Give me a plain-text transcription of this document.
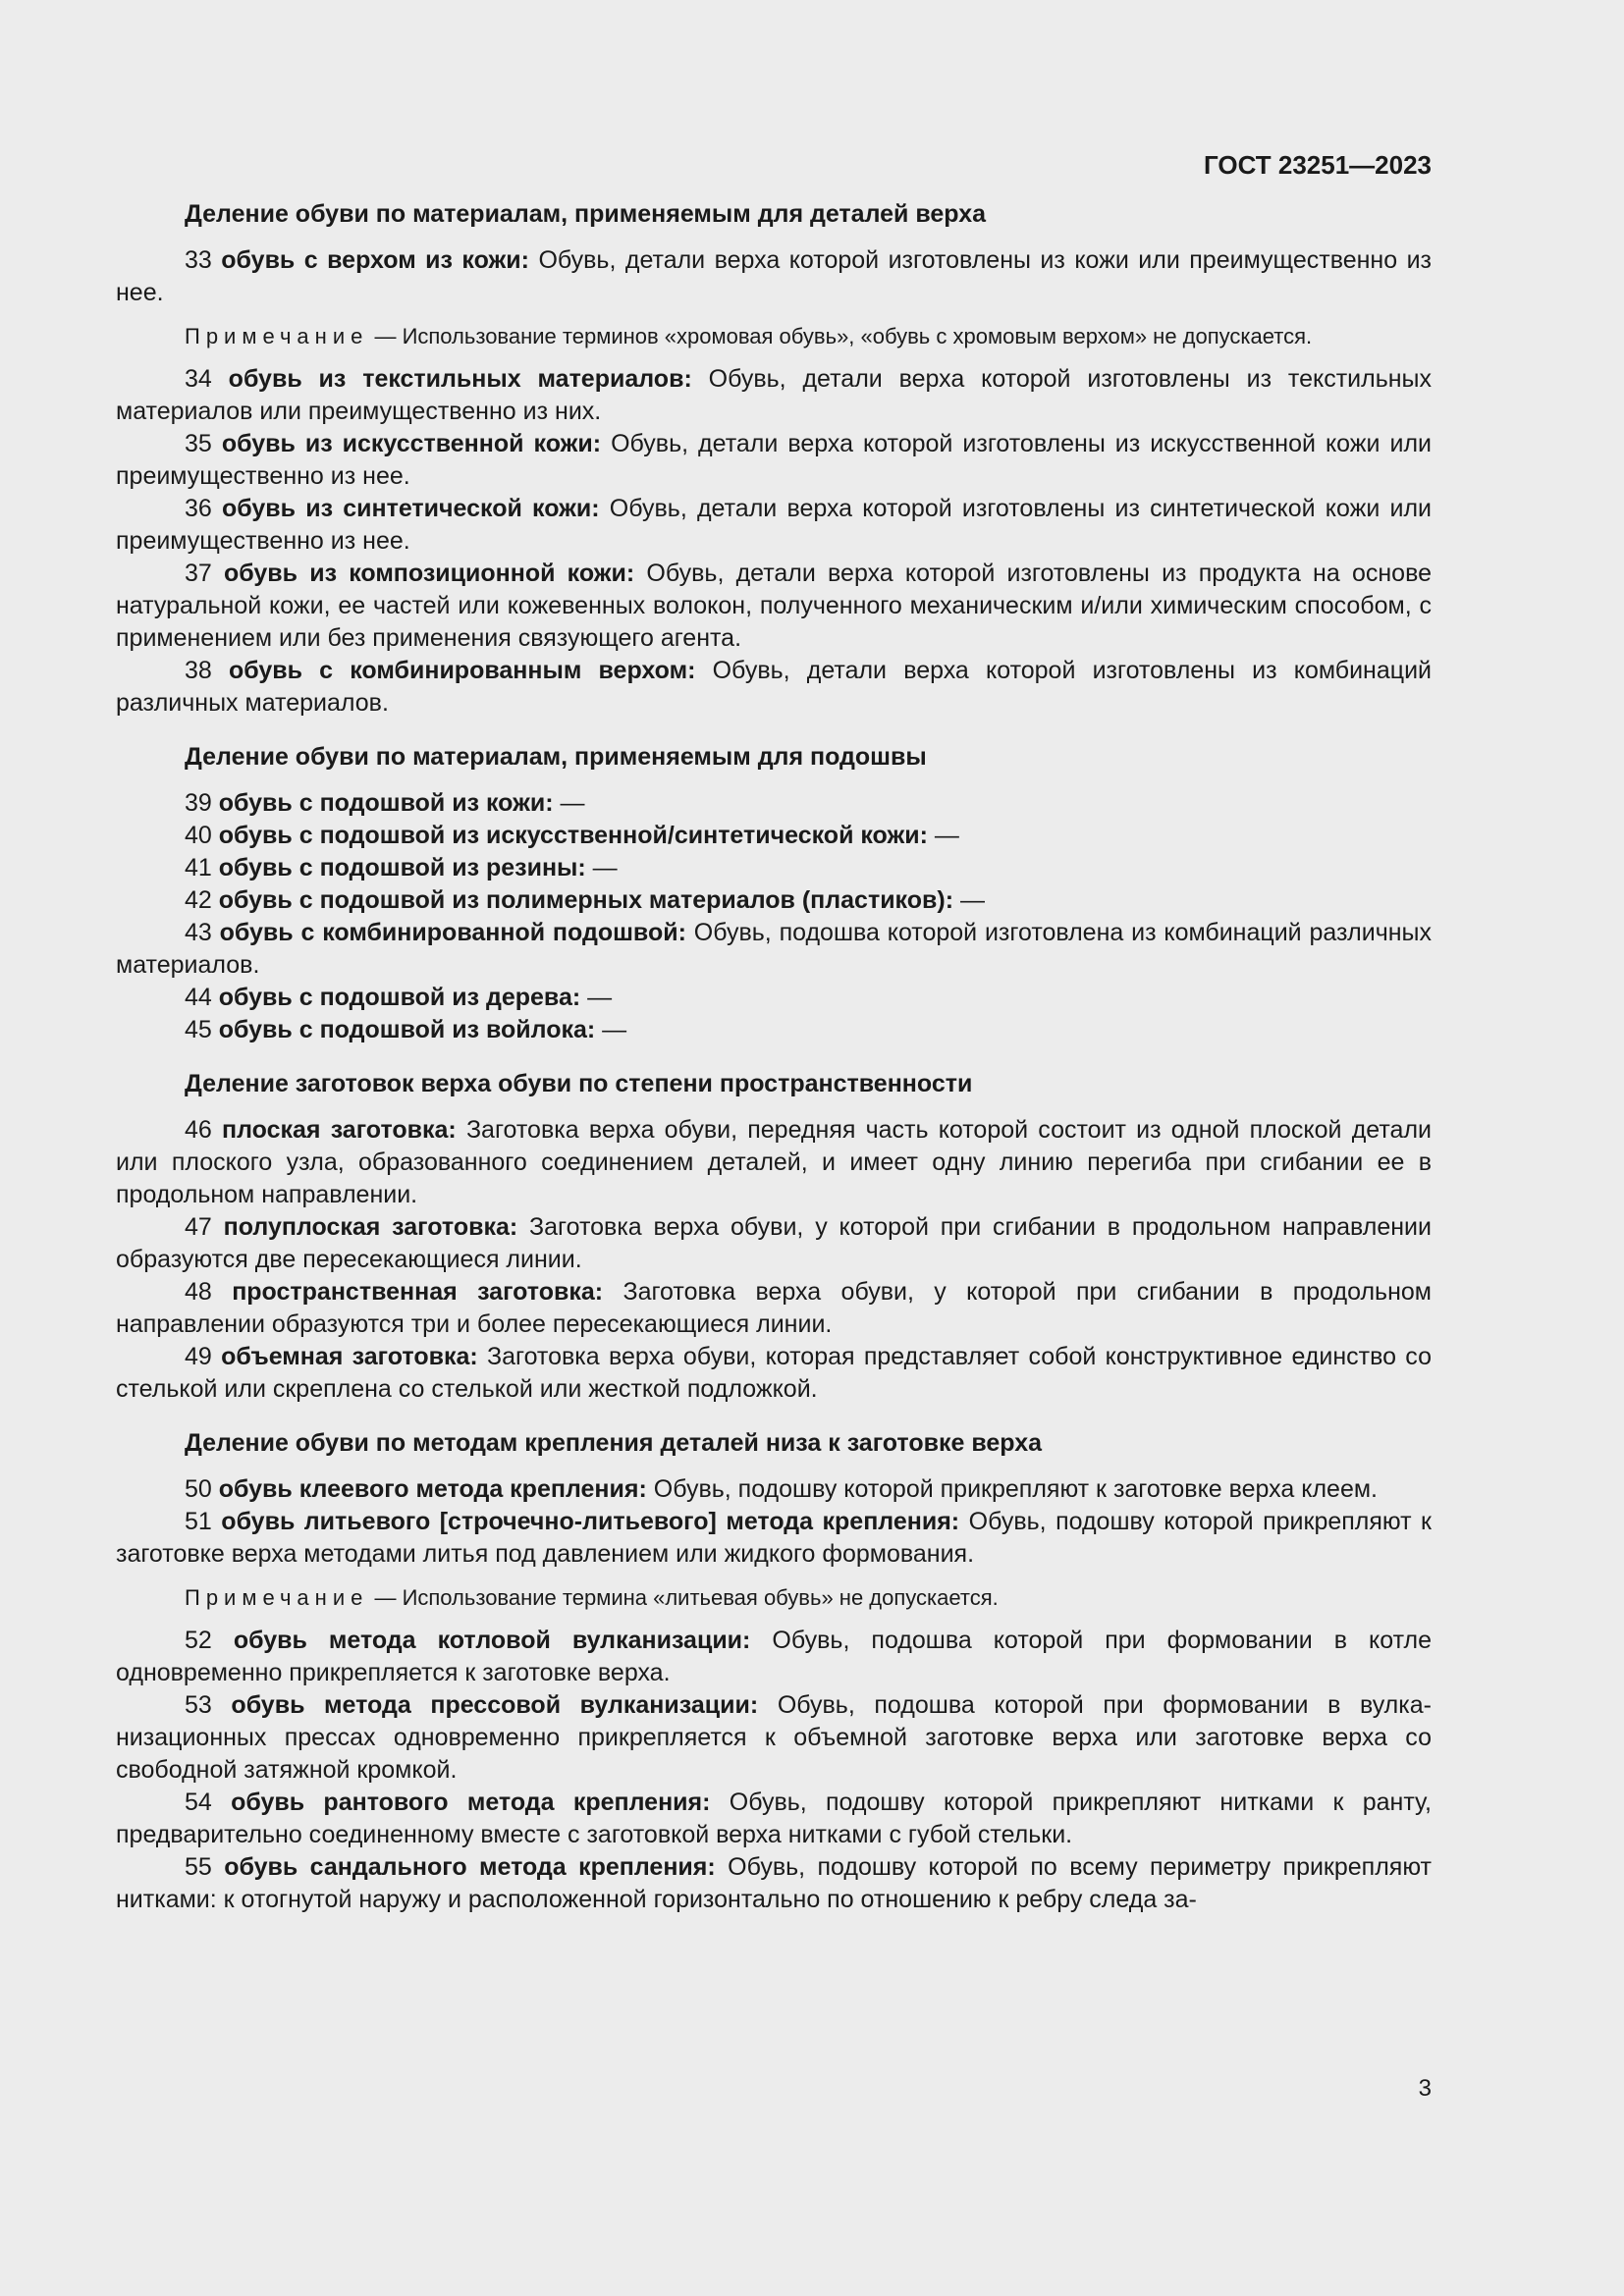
ГОСТ 23251—2023
Деление обуви по материалам, применяемым для деталей верха

33 обувь с верхом из кожи: Обувь, детали верха которой изготовлены из кожи или преимущественно из нее.

Примечание — Использование терминов «хромовая обувь», «обувь с хромовым верхом» не допускается.

34 обувь из текстильных материалов: Обувь, детали верха которой изготовлены из текстильных материалов или преимущественно из них.

35 обувь из искусственной кожи: Обувь, детали верха которой изготовлены из искусственной кожи или преимущественно из нее.

36 обувь из синтетической кожи: Обувь, детали верха которой изготовлены из синтетической кожи или преимущественно из нее.

37 обувь из композиционной кожи: Обувь, детали верха которой изготовлены из продукта на основе натуральной кожи, ее частей или кожевенных волокон, полученного механическим и/или химическим способом, с применением или без применения связующего агента.

38 обувь с комбинированным верхом: Обувь, детали верха которой изготовлены из комбинаций различных материалов.

Деление обуви по материалам, применяемым для подошвы

39 обувь с подошвой из кожи: —

40 обувь с подошвой из искусственной/синтетической кожи: —

41 обувь с подошвой из резины: —

42 обувь с подошвой из полимерных материалов (пластиков): —

43 обувь с комбинированной подошвой: Обувь, подошва которой изготовлена из комбинаций различных материалов.

44 обувь с подошвой из дерева: —

45 обувь с подошвой из войлока: —

Деление заготовок верха обуви по степени пространственности

46 плоская заготовка: Заготовка верха обуви, передняя часть которой состоит из одной плоской детали или плоского узла, образованного соединением деталей, и имеет одну линию перегиба при сгибании ее в продольном направлении.

47 полуплоская заготовка: Заготовка верха обуви, у которой при сгибании в продольном направлении образуются две пересекающиеся линии.

48 пространственная заготовка: Заготовка верха обуви, у которой при сгибании в продольном направлении образуются три и более пересекающиеся линии.

49 объемная заготовка: Заготовка верха обуви, которая представляет собой конструктивное единство со стелькой или скреплена со стелькой или жесткой подложкой.

Деление обуви по методам крепления деталей низа к заготовке верха

50 обувь клеевого метода крепления: Обувь, подошву которой прикрепляют к заготовке верха клеем.

51 обувь литьевого [строчечно-литьевого] метода крепления: Обувь, подошву которой прикрепляют к заготовке верха методами литья под давлением или жидкого формования.

Примечание — Использование термина «литьевая обувь» не допускается.

52 обувь метода котловой вулканизации: Обувь, подошва которой при формовании в котле одновременно прикрепляется к заготовке верха.

53 обувь метода прессовой вулканизации: Обувь, подошва которой при формовании в вулканизационных прессах одновременно прикрепляется к объемной заготовке верха или заготовке верха со свободной затяжной кромкой.

54 обувь рантового метода крепления: Обувь, подошву которой прикрепляют нитками к ранту, предварительно соединенному вместе с заготовкой верха нитками с губой стельки.

55 обувь сандального метода крепления: Обувь, подошву которой по всему периметру прикрепляют нитками: к отогнутой наружу и расположенной горизонтально по отношению к ребру следа за-

3
